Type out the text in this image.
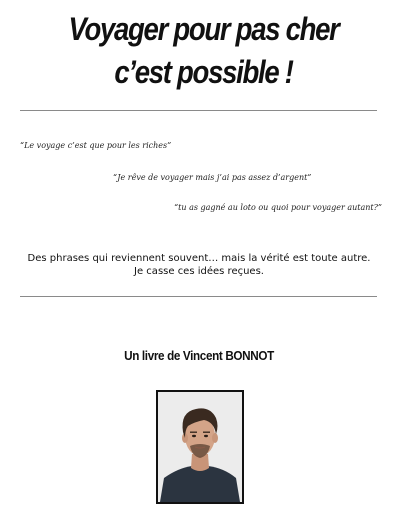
Voyager pour pas cher
c’est possible !
“Le voyage c’est que pour les riches”
“Je rêve de voyager mais j’ai pas assez d’argent”
“tu as gagné au loto ou quoi pour voyager autant?”
Des phrases qui reviennent souvent… mais la vérité est toute autre.
Je casse ces idées reçues.
Un livre de Vincent BONNOT
